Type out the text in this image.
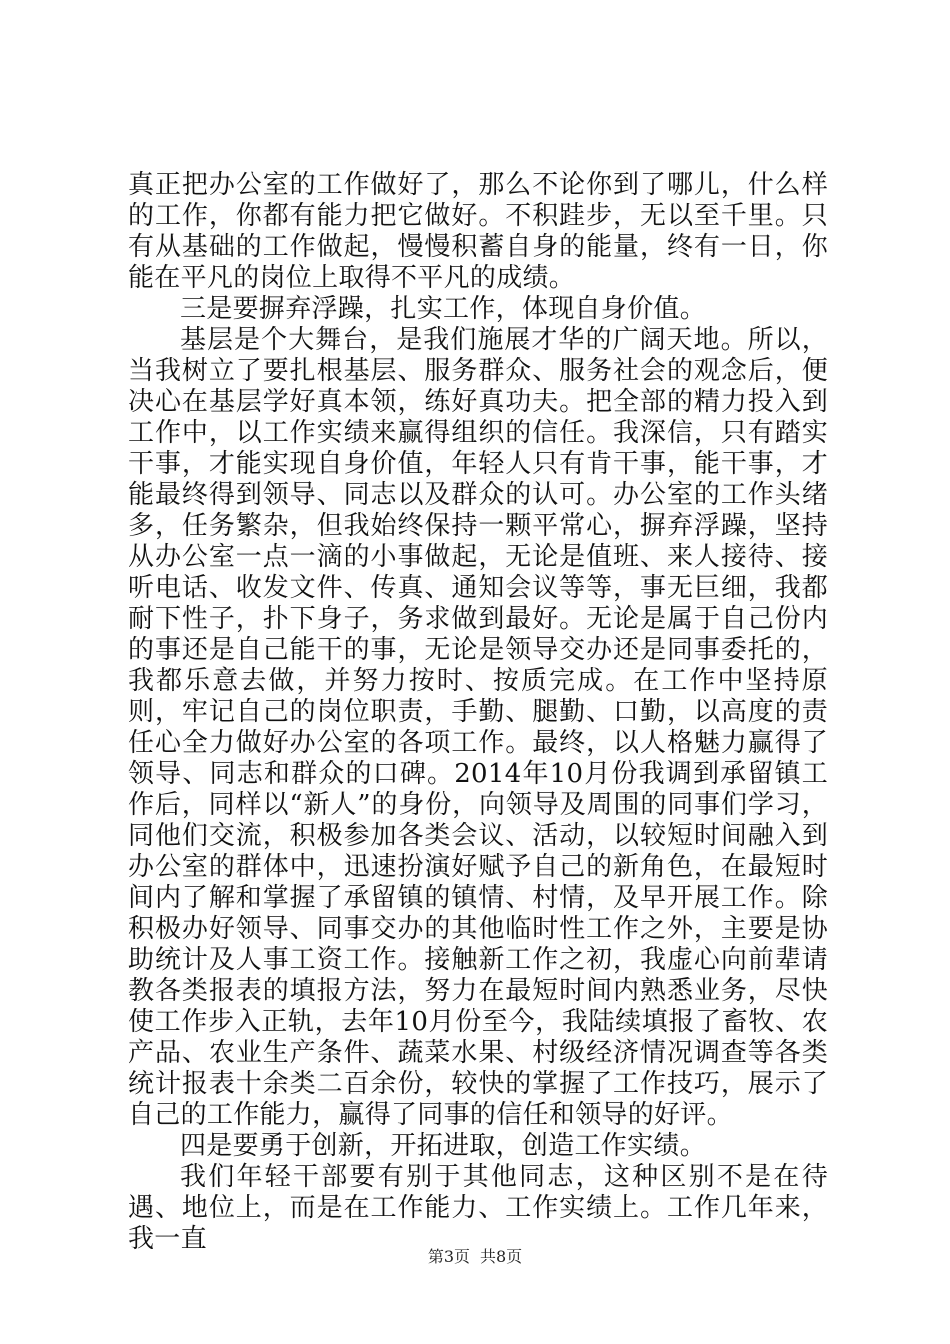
真正把办公室的工作做好了，那么不论你到了哪儿，什么样的工作，你都有能力把它做好。不积跬步，无以至千里。只有从基础的工作做起，慢慢积蓄自身的能量，终有一日，你能在平凡的岗位上取得不平凡的成绩。

三是要摒弃浮躁，扎实工作，体现自身价值。

基层是个大舞台，是我们施展才华的广阔天地。所以，当我树立了要扎根基层、服务群众、服务社会的观念后，便决心在基层学好真本领，练好真功夫。把全部的精力投入到工作中，以工作实绩来赢得组织的信任。我深信，只有踏实干事，才能实现自身价值，年轻人只有肯干事，能干事，才能最终得到领导、同志以及群众的认可。办公室的工作头绪多，任务繁杂，但我始终保持一颗平常心，摒弃浮躁，坚持从办公室一点一滴的小事做起，无论是值班、来人接待、接听电话、收发文件、传真、通知会议等等，事无巨细，我都耐下性子，扑下身子，务求做到最好。无论是属于自己份内的事还是自己能干的事，无论是领导交办还是同事委托的，我都乐意去做，并努力按时、按质完成。在工作中坚持原则，牢记自己的岗位职责，手勤、腿勤、口勤，以高度的责任心全力做好办公室的各项工作。最终，以人格魅力赢得了领导、同志和群众的口碑。2014年10月份我调到承留镇工作后，同样以“新人”的身份，向领导及周围的同事们学习，同他们交流，积极参加各类会议、活动，以较短时间融入到办公室的群体中，迅速扮演好赋予自己的新角色，在最短时间内了解和掌握了承留镇的镇情、村情，及早开展工作。除积极办好领导、同事交办的其他临时性工作之外，主要是协助统计及人事工资工作。接触新工作之初，我虚心向前辈请教各类报表的填报方法，努力在最短时间内熟悉业务，尽快使工作步入正轨，去年10月份至今，我陆续填报了畜牧、农产品、农业生产条件、蔬菜水果、村级经济情况调查等各类统计报表十余类二百余份，较快的掌握了工作技巧，展示了自己的工作能力，赢得了同事的信任和领导的好评。

四是要勇于创新，开拓进取，创造工作实绩。

我们年轻干部要有别于其他同志，这种区别不是在待遇、地位上，而是在工作能力、工作实绩上。工作几年来，我一直

第3页 共8页
